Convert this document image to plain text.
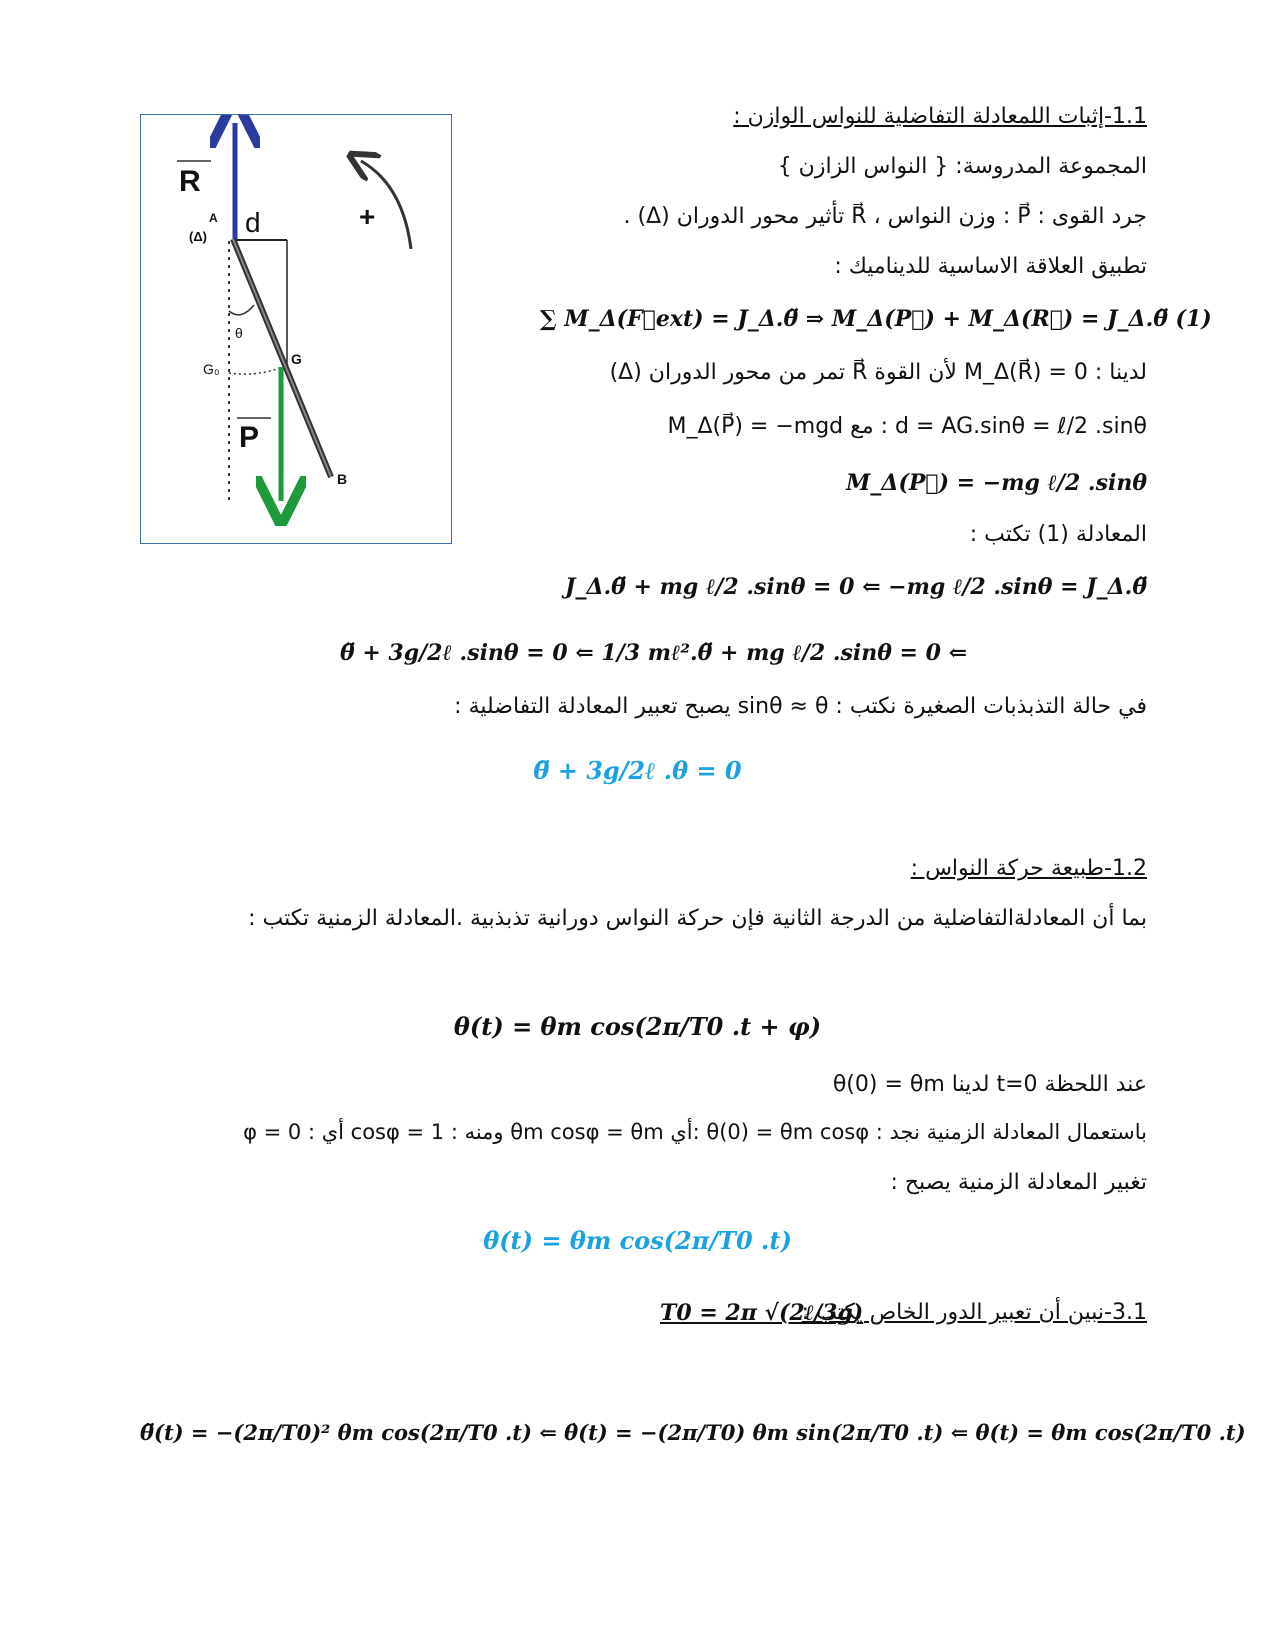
R
d	+
A
(Δ)
θ
G₀
G
P
B
1.1-إثبات اللمعادلة التفاضلية للنواس الوازن :
المجموعة المدروسة: { النواس الزازن }
جرد القوى : P⃗ : وزن النواس ، R⃗ تأثير محور الدوران (Δ) .
تطبيق العلاقة الاساسية للديناميك :
∑ M_Δ(F⃗ext) = J_Δ.θ̈ ⇒ M_Δ(P⃗) + M_Δ(R⃗) = J_Δ.θ̈ (1)
لدينا : M_Δ(R⃗) = 0 لأن القوة R⃗ تمر من محور الدوران (Δ)
d = AG.sinθ = ℓ/2 .sinθ : مع M_Δ(P⃗) = −mgd
M_Δ(P⃗) = −mg ℓ/2 .sinθ
المعادلة (1) تكتب :
J_Δ.θ̈ + mg ℓ/2 .sinθ = 0 ⇐ −mg ℓ/2 .sinθ = J_Δ.θ̈
θ̈ + 3g/2ℓ .sinθ = 0 ⇐ 1/3 mℓ².θ̈ + mg ℓ/2 .sinθ = 0 ⇐
في حالة التذبذبات الصغيرة نكتب : sinθ ≈ θ يصبح تعبير المعادلة التفاضلية :
θ̈ + 3g/2ℓ .θ = 0
1.2-طبيعة حركة النواس :
بما أن المعادلةالتفاضلية من الدرجة الثانية فإن حركة النواس دورانية تذبذبية .المعادلة الزمنية تكتب :
θ(t) = θm cos(2π/T0 .t + φ)
عند اللحظة t=0 لدينا θ(0) = θm
باستعمال المعادلة الزمنية نجد : θ(0) = θm cosφ :أي θm cosφ = θm ومنه : cosφ = 1 أي : φ = 0
تغبير المعادلة الزمنية يصبح :
θ(t) = θm cos(2π/T0 .t)
3.1-نبين أن تعبير الدور الخاص يكتب :
T0 = 2π √(2ℓ/3g)
θ̈(t) = −(2π/T0)² θm cos(2π/T0 .t) ⇐ θ̇(t) = −(2π/T0) θm sin(2π/T0 .t) ⇐ θ(t) = θm cos(2π/T0 .t)
